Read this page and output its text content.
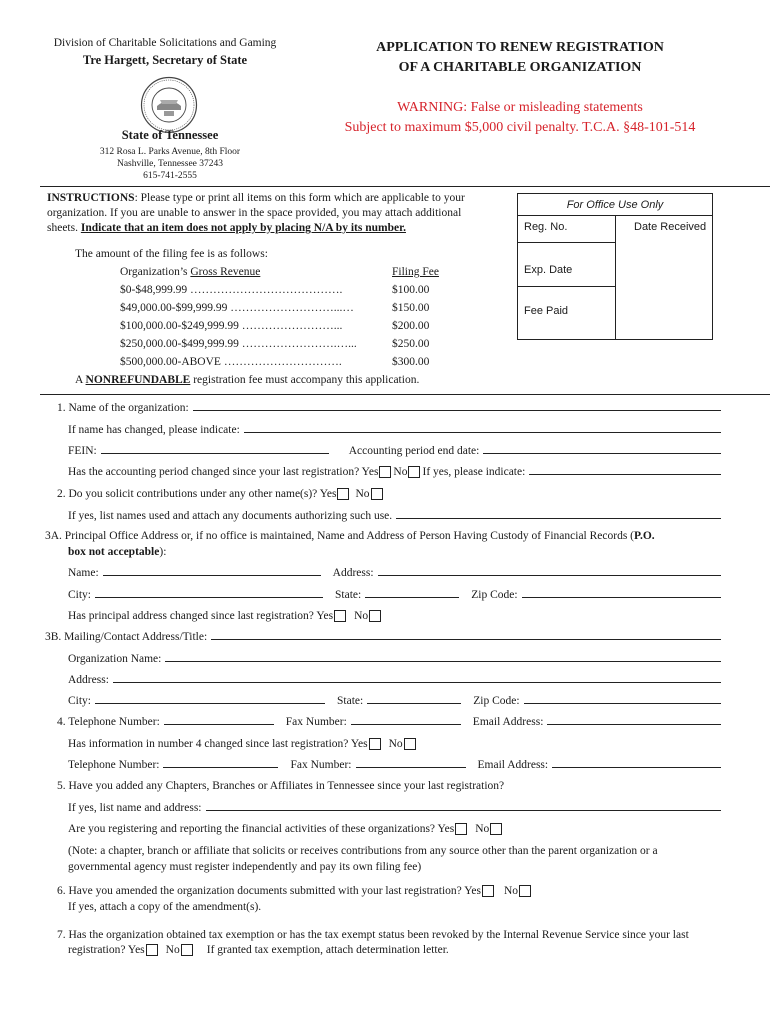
Division of Charitable Solicitations and Gaming
Tre Hargett, Secretary of State
State of Tennessee
312 Rosa L. Parks Avenue, 8th Floor
Nashville, Tennessee 37243
615-741-2555
APPLICATION TO RENEW REGISTRATION
OF A CHARITABLE ORGANIZATION
WARNING: False or misleading statements
Subject to maximum $5,000 civil penalty. T.C.A. §48-101-514
INSTRUCTIONS: Please type or print all items on this form which are applicable to your
organization. If you are unable to answer in the space provided, you may attach additional
sheets. Indicate that an item does not apply by placing N/A by its number.
The amount of the filing fee is as follows:
Organization’s Gross Revenue	Filing Fee
$0-$48,999.99 ………………………………….	$100.00
$49,000.00-$99,999.99 ………………………...…	$150.00
$100,000.00-$249,999.99 ……………………...	$200.00
$250,000.00-$499,999.99 …………………….…...	$250.00
$500,000.00-ABOVE ………………………….	$300.00
A NONREFUNDABLE registration fee must accompany this application.
For Office Use Only
Reg. No.	Date Received
Exp. Date
Fee Paid
1. Name of the organization:
If name has changed, please indicate:
FEIN:	Accounting period end date:
Has the accounting period changed since your last registration? Yes No If yes, please indicate:
2. Do you solicit contributions under any other name(s)? Yes No
If yes, list names used and attach any documents authorizing such use.
3A. Principal Office Address or, if no office is maintained, Name and Address of Person Having Custody of Financial Records (P.O.
box not acceptable):
Name:	Address:
City:	State:	Zip Code:
Has principal address changed since last registration? Yes No
3B. Mailing/Contact Address/Title:
Organization Name:
Address:
City:	State:	Zip Code:
4. Telephone Number:	Fax Number:	Email Address:
Has information in number 4 changed since last registration? Yes No
Telephone Number:	Fax Number:	Email Address:
5. Have you added any Chapters, Branches or Affiliates in Tennessee since your last registration?
If yes, list name and address:
Are you registering and reporting the financial activities of these organizations? Yes No
(Note: a chapter, branch or affiliate that solicits or receives contributions from any source other than the parent organization or a
governmental agency must register independently and pay its own filing fee)
6. Have you amended the organization documents submitted with your last registration? Yes No
If yes, attach a copy of the amendment(s).
7. Has the organization obtained tax exemption or has the tax exempt status been revoked by the Internal Revenue Service since your last
registration? Yes No If granted tax exemption, attach determination letter.
